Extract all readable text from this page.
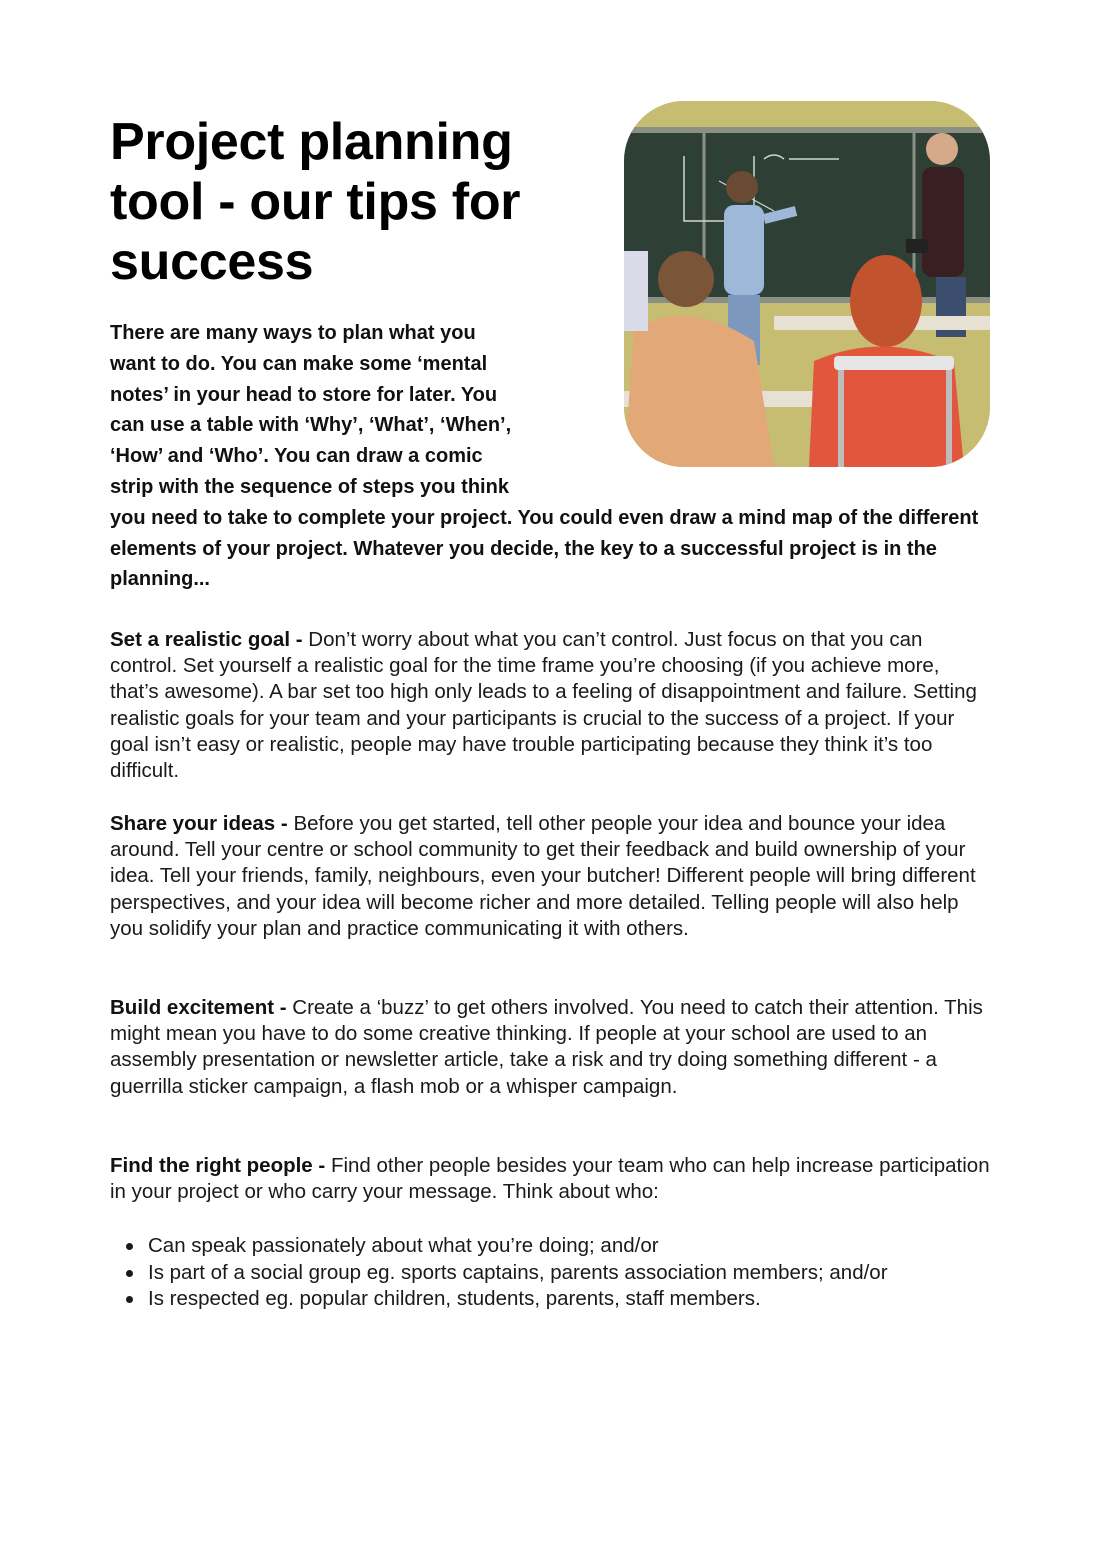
Project planning tool - our tips for success

There are many ways to plan what you want to do. You can make some ‘mental notes’ in your head to store for later. You can use a table with ‘Why’, ‘What’, ‘When’, ‘How’ and ‘Who’. You can draw a comic strip with the sequence of steps you think you need to take to complete your project. You could even draw a mind map of the different elements of your project. Whatever you decide, the key to a successful project is in the planning...

Set a realistic goal - Don’t worry about what you can’t control. Just focus on that you can control. Set yourself a realistic goal for the time frame you’re choosing (if you achieve more, that’s awesome). A bar set too high only leads to a feeling of disappointment and failure. Setting realistic goals for your team and your participants is crucial to the success of a project. If your goal isn’t easy or realistic, people may have trouble participating because they think it’s too difficult.

Share your ideas - Before you get started, tell other people your idea and bounce your idea around. Tell your centre or school community to get their feedback and build ownership of your idea. Tell your friends, family, neighbours, even your butcher! Different people will bring different perspectives, and your idea will become richer and more detailed. Telling people will also help you solidify your plan and practice communicating it with others.

Build excitement - Create a ‘buzz’ to get others involved. You need to catch their attention. This might mean you have to do some creative thinking. If people at your school are used to an assembly presentation or newsletter article, take a risk and try doing something different - a guerrilla sticker campaign, a flash mob or a whisper campaign.

Find the right people - Find other people besides your team who can help increase participation in your project or who carry your message. Think about who:

Can speak passionately about what you’re doing; and/or
Is part of a social group eg. sports captains, parents association members; and/or
Is respected eg. popular children, students, parents, staff members.
